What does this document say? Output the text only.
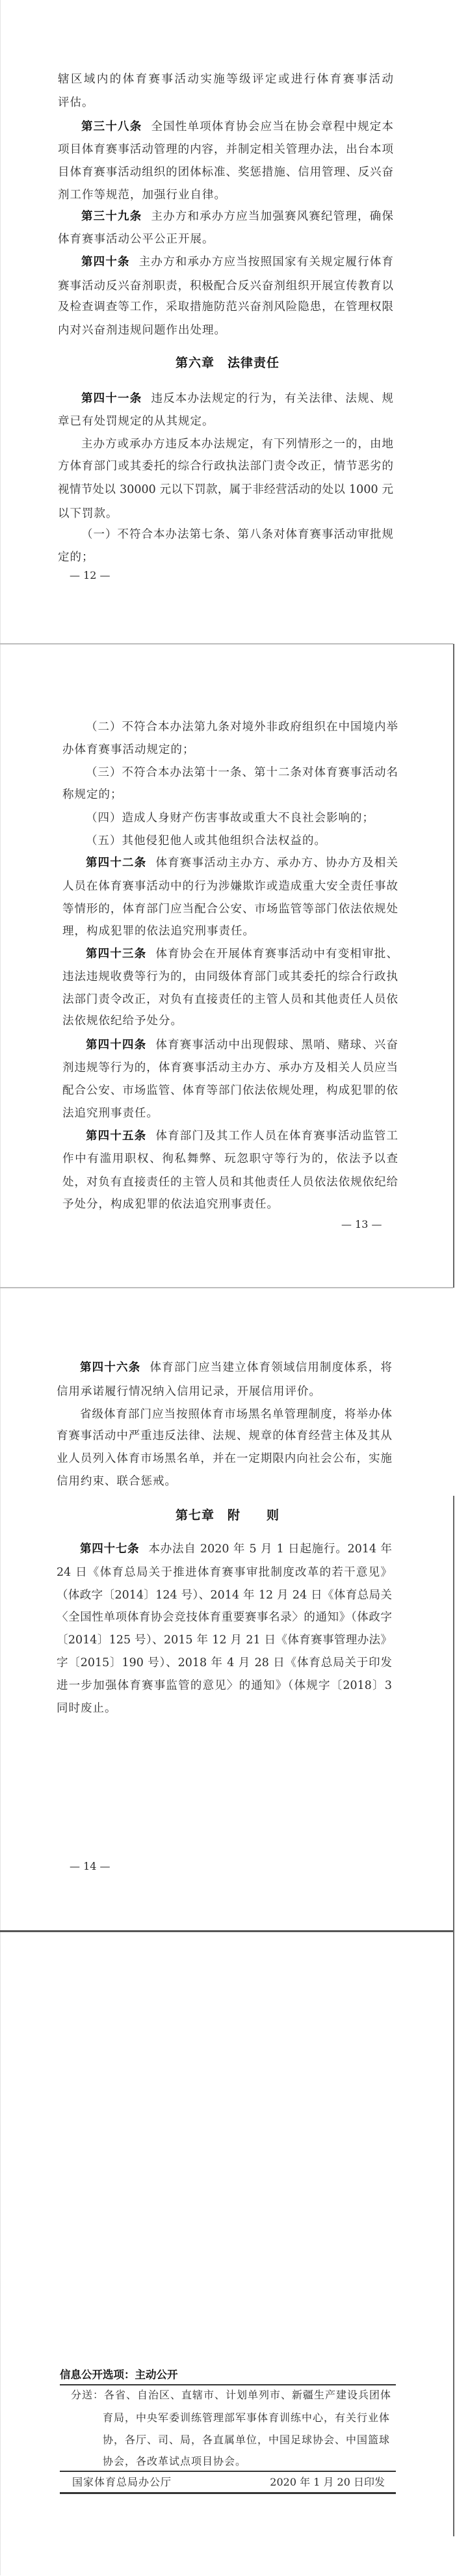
信息公开选项：主动公开
分送：各省、自治区、直辖市、计划单列市、新疆生产建设兵团体
育局，中央军委训练管理部军事体育训练中心，有关行业体
协，各厅、司、局，各直属单位，中国足球协会、中国篮球
协会，各改革试点项目协会。
国家体育总局办公厅	2020 年 1 月 20 日印发
辖区域内的体育赛事活动实施等级评定或进行体育赛事活动
评估。
第三十八条 全国性单项体育协会应当在协会章程中规定本
项目体育赛事活动管理的内容，并制定相关管理办法，出台本项
目体育赛事活动组织的团体标准、奖惩措施、信用管理、反兴奋
剂工作等规范，加强行业自律。
第三十九条 主办方和承办方应当加强赛风赛纪管理，确保
体育赛事活动公平公正开展。
第四十条 主办方和承办方应当按照国家有关规定履行体育
赛事活动反兴奋剂职责，积极配合反兴奋剂组织开展宣传教育以
及检查调查等工作，采取措施防范兴奋剂风险隐患，在管理权限
内对兴奋剂违规问题作出处理。
第四十一条 违反本办法规定的行为，有关法律、法规、规
章已有处罚规定的从其规定。
主办方或承办方违反本办法规定，有下列情形之一的，由地
方体育部门或其委托的综合行政执法部门责令改正，情节恶劣的
视情节处以 30000 元以下罚款，属于非经营活动的处以 1000 元
以下罚款。
（一）不符合本办法第七条、第八条对体育赛事活动审批规
定的；
第六章　法律责任
— 12 —
（二）不符合本办法第九条对境外非政府组织在中国境内举
办体育赛事活动规定的；
（三）不符合本办法第十一条、第十二条对体育赛事活动名
称规定的；
（四）造成人身财产伤害事故或重大不良社会影响的；
（五）其他侵犯他人或其他组织合法权益的。
第四十二条 体育赛事活动主办方、承办方、协办方及相关
人员在体育赛事活动中的行为涉嫌欺诈或造成重大安全责任事故
等情形的，体育部门应当配合公安、市场监管等部门依法依规处
理，构成犯罪的依法追究刑事责任。
第四十三条 体育协会在开展体育赛事活动中有变相审批、
违法违规收费等行为的，由同级体育部门或其委托的综合行政执
法部门责令改正，对负有直接责任的主管人员和其他责任人员依
法依规依纪给予处分。
第四十四条 体育赛事活动中出现假球、黑哨、赌球、兴奋
剂违规等行为的，体育赛事活动主办方、承办方及相关人员应当
配合公安、市场监管、体育等部门依法依规处理，构成犯罪的依
法追究刑事责任。
第四十五条 体育部门及其工作人员在体育赛事活动监管工
作中有滥用职权、徇私舞弊、玩忽职守等行为的，依法予以查
处，对负有直接责任的主管人员和其他责任人员依法依规依纪给
予处分，构成犯罪的依法追究刑事责任。
— 13 —
第四十六条 体育部门应当建立体育领域信用制度体系，将
信用承诺履行情况纳入信用记录，开展信用评价。
省级体育部门应当按照体育市场黑名单管理制度，将举办体
育赛事活动中严重违反法律、法规、规章的体育经营主体及其从
业人员列入体育市场黑名单，并在一定期限内向社会公布，实施
信用约束、联合惩戒。
第四十七条 本办法自 2020 年 5 月 1 日起施行。2014 年
24 日《体育总局关于推进体育赛事审批制度改革的若干意见》
（体政字〔2014〕124 号）、2014 年 12 月 24 日《体育总局关
〈全国性单项体育协会竞技体育重要赛事名录〉的通知》（体政字
〔2014〕125 号）、2015 年 12 月 21 日《体育赛事管理办法》
字〔2015〕190 号）、2018 年 4 月 28 日《体育总局关于印发
进一步加强体育赛事监管的意见〉的通知》（体规字〔2018〕3
同时废止。
第七章　附　　则
— 14 —
